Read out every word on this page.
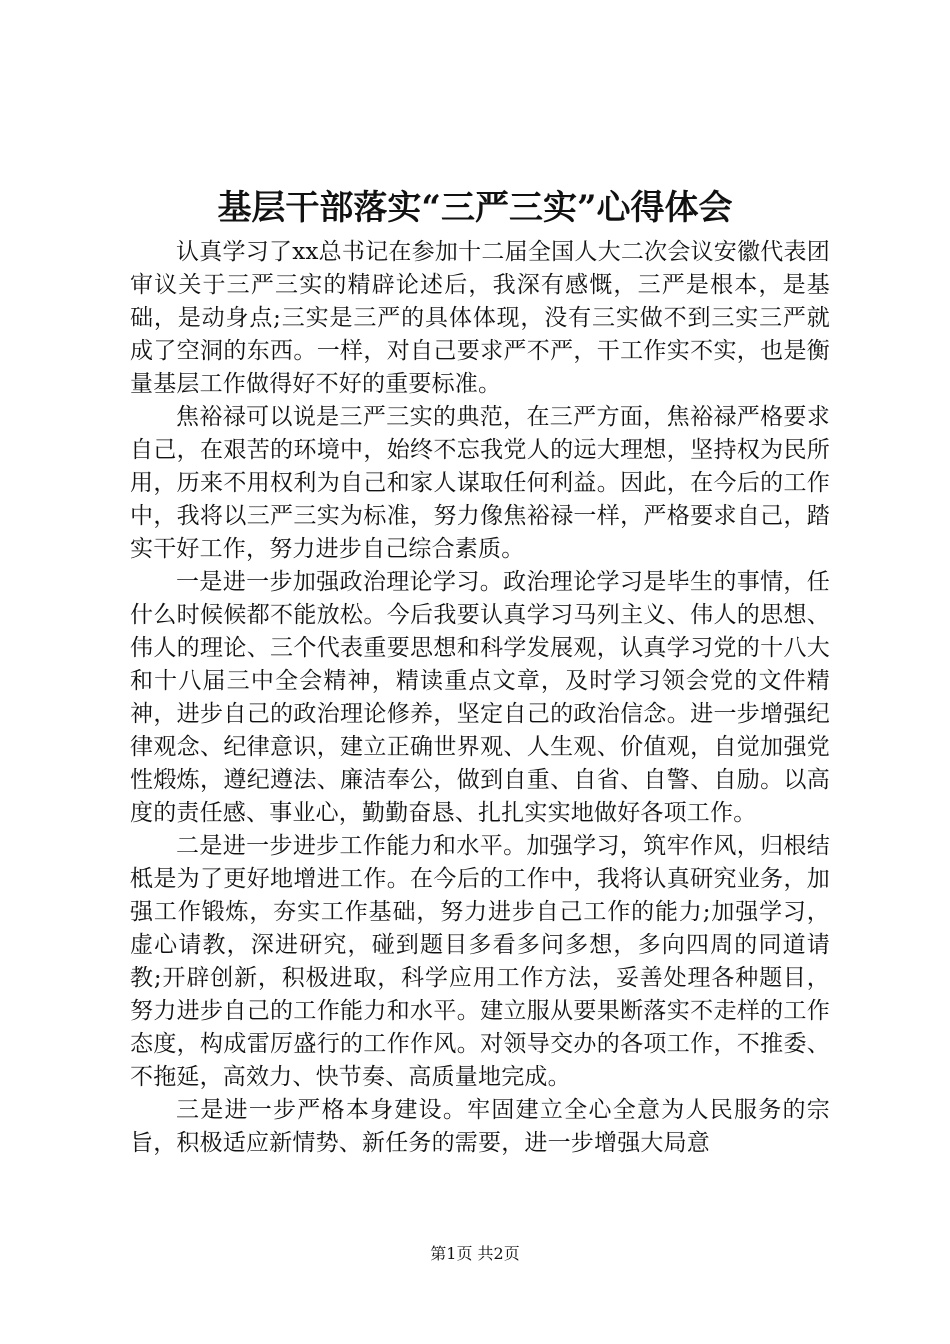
基层干部落实“三严三实”心得体会

认真学习了xx总书记在参加十二届全国人大二次会议安徽代表团审议关于三严三实的精辟论述后，我深有感慨，三严是根本，是基础，是动身点;三实是三严的具体体现，没有三实做不到三实三严就成了空洞的东西。一样，对自己要求严不严，干工作实不实，也是衡量基层工作做得好不好的重要标准。

焦裕禄可以说是三严三实的典范，在三严方面，焦裕禄严格要求自己，在艰苦的环境中，始终不忘我党人的远大理想，坚持权为民所用，历来不用权利为自己和家人谋取任何利益。因此，在今后的工作中，我将以三严三实为标准，努力像焦裕禄一样，严格要求自己，踏实干好工作，努力进步自己综合素质。

一是进一步加强政治理论学习。政治理论学习是毕生的事情，任什么时候候都不能放松。今后我要认真学习马列主义、伟人的思想、伟人的理论、三个代表重要思想和科学发展观，认真学习党的十八大和十八届三中全会精神，精读重点文章，及时学习领会党的文件精神，进步自己的政治理论修养，坚定自己的政治信念。进一步增强纪律观念、纪律意识，建立正确世界观、人生观、价值观，自觉加强党性煅炼，遵纪遵法、廉洁奉公，做到自重、自省、自警、自励。以高度的责任感、事业心，勤勤奋恳、扎扎实实地做好各项工作。

二是进一步进步工作能力和水平。加强学习，筑牢作风，归根结柢是为了更好地增进工作。在今后的工作中，我将认真研究业务，加强工作锻炼，夯实工作基础，努力进步自己工作的能力;加强学习，虚心请教，深进研究，碰到题目多看多问多想，多向四周的同道请教;开辟创新，积极进取，科学应用工作方法，妥善处理各种题目，努力进步自己的工作能力和水平。建立服从要果断落实不走样的工作态度，构成雷厉盛行的工作作风。对领导交办的各项工作，不推委、不拖延，高效力、快节奏、高质量地完成。

三是进一步严格本身建设。牢固建立全心全意为人民服务的宗旨，积极适应新情势、新任务的需要，进一步增强大局意

第1页 共2页
